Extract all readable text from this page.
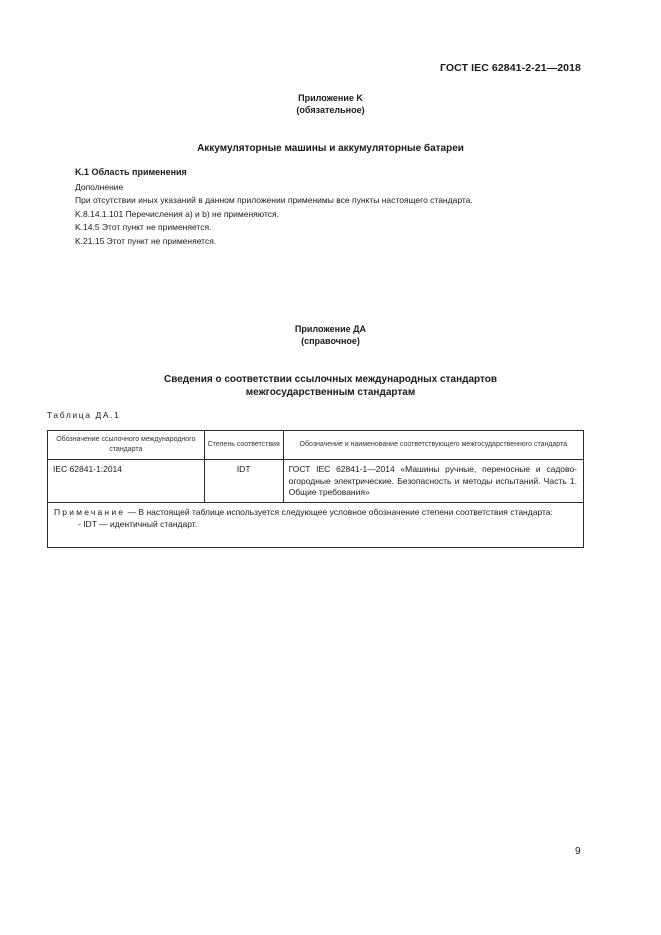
ГОСТ IEC 62841-2-21—2018
Приложение K
(обязательное)
Аккумуляторные машины и аккумуляторные батареи
K.1 Область применения
Дополнение
При отсутствии иных указаний в данном приложении применимы все пункты настоящего стандарта.
K.8.14.1.101 Перечисления a) и b) не применяются.
K.14.5 Этот пункт не применяется.
K.21.15 Этот пункт не применяется.
Приложение ДА
(справочное)
Сведения о соответствии ссылочных международных стандартов
межгосударственным стандартам
Таблица ДА.1
Обозначение ссылочного международного стандарта	Степень соответствия	Обозначение и наименование соответствующего межгосударственного стандарта
IEC 62841-1:2014	IDT	ГОСТ IEC 62841-1—2014 «Машины ручные, переносные и садово-огородные электрические. Безопасность и методы испытаний. Часть 1. Общие требования»

Примечание — В настоящей таблице используется следующее условное обозначение степени соответствия стандарта:
- IDT — идентичный стандарт.		
9
